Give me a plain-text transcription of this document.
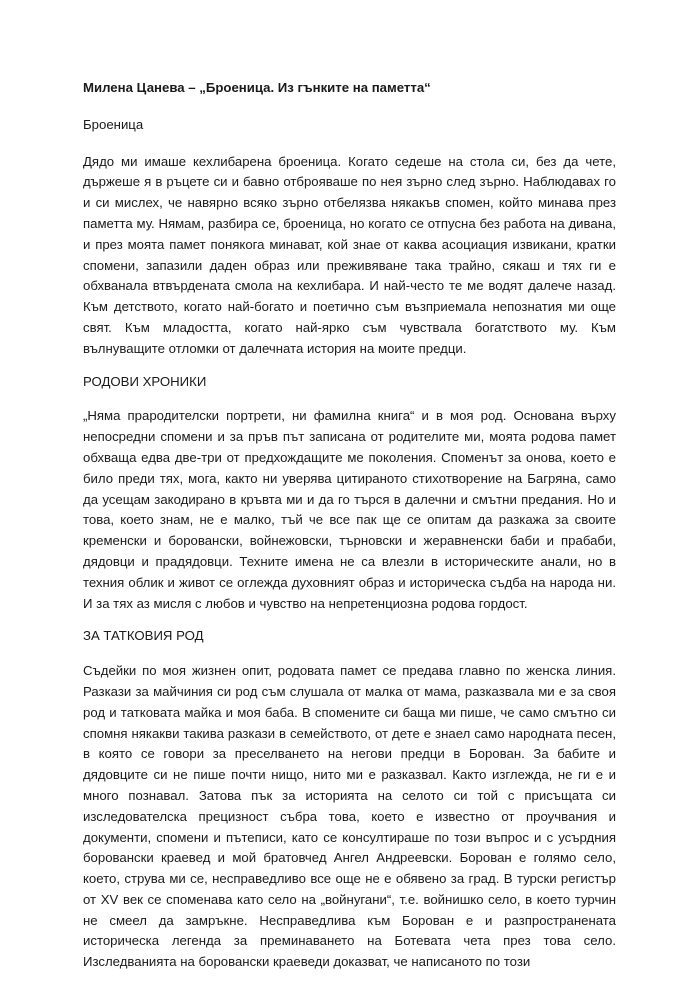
Милена Цанева – „Броеница. Из гънките на паметта“
Броеница

Дядо ми имаше кехлибарена броеница. Когато седеше на стола си, без да чете, държеше я в ръцете си и бавно отброяваше по нея зърно след зърно. Наблюдавах го и си мислех, че навярно всяко зърно отбелязва някакъв спомен, който минава през паметта му. Нямам, разбира се, броеница, но когато се отпусна без работа на дивана, и през моята памет понякога минават, кой знае от каква асоциация извикани, кратки спомени, запазили даден образ или преживяване така трайно, сякаш и тях ги е обхванала втвърдената смола на кехлибара. И най-често те ме водят далече назад. Към детството, когато най-богато и поетично съм възприемала непознатия ми още свят. Към младостта, когато най-ярко съм чувствала богатството му. Към вълнуващите отломки от далечната история на моите предци.

РОДОВИ ХРОНИКИ

„Няма прародителски портрети, ни фамилна книга“ и в моя род. Основана върху непосредни спомени и за пръв път записана от родителите ми, моята родова памет обхваща едва две-три от предхождащите ме поколения. Споменът за онова, което е било преди тях, мога, както ни уверява цитираното стихотворение на Багряна, само да усещам закодирано в кръвта ми и да го търся в далечни и смътни предания. Но и това, което знам, не е малко, тъй че все пак ще се опитам да разкажа за своите кременски и боровански, войнежовски, търновски и жеравненски баби и прабаби, дядовци и прадядовци. Техните имена не са влезли в историческите анали, но в техния облик и живот се оглежда духовният образ и историческа съдба на народа ни. И за тях аз мисля с любов и чувство на непретенциозна родова гордост.

ЗА ТАТКОВИЯ РОД

Съдейки по моя жизнен опит, родовата памет се предава главно по женска линия. Разкази за майчиния си род съм слушала от малка от мама, разказвала ми е за своя род и татковата майка и моя баба. В спомените си баща ми пише, че само смътно си спомня някакви такива разкази в семейството, от дете е знаел само народната песен, в която се говори за преселването на негови предци в Борован. За бабите и дядовците си не пише почти нищо, нито ми е разказвал. Както изглежда, не ги е и много познавал. Затова пък за историята на селото си той с присъщата си изследователска прецизност събра това, което е известно от проучвания и документи, спомени и пътеписи, като се консултираше по този въпрос и с усърдния боровански краевед и мой братовчед Ангел Андреевски. Борован е голямо село, което, струва ми се, несправедливо все още не е обявено за град. В турски регистър от XV век се споменава като село на „войнугани“, т.е. войнишко село, в което турчин не смеел да замръкне. Несправедлива към Борован е и разпространената историческа легенда за преминаването на Ботевата чета през това село. Изследванията на боровански краеведи доказват, че написаното по този
